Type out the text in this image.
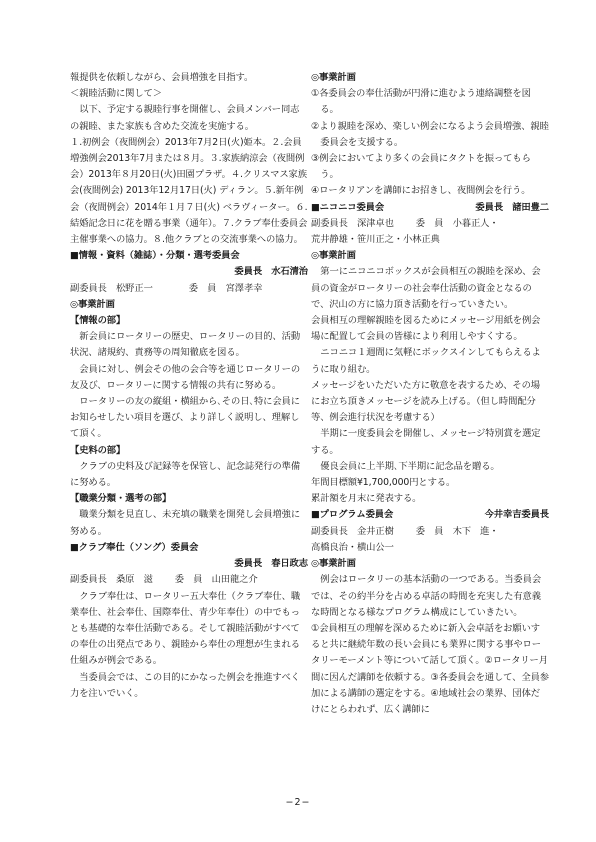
報提供を依頼しながら、会員増強を目指す。

＜親睦活動に関して＞

以下、予定する親睦行事を開催し、会員メンバー同志の親睦、また家族も含めた交流を実施する。

１.初例会（夜間例会）2013年7月2日(火)姫本。２.会員増強例会2013年7月または８月。３.家族納涼会（夜間例会）2013年８月20日(火)田園プラザ。４.クリスマス家族会(夜間例会) 2013年12月17日(火) ディラン。５.新年例会（夜間例会）2014年１月７日(火) ベラヴィーター。６.結婚記念日に花を贈る事業（通年）。７.クラブ奉仕委員会主催事業への協力。８.他クラブとの交流事業への協力。

■情報・資料（雑誌）・分類・選考委員会

委員長　水石清治

副委員長　松野正一	委　員　宮澤孝幸

◎事業計画

【情報の部】

新会員にロータリーの歴史、ロータリーの目的、活動状況、諸規約、責務等の周知徹底を図る。

会員に対し、例会その他の会合等を通じロータリーの友及び、ロータリーに関する情報の共有に努める。

ロータリーの友の縦組・横組から､その日､特に会員にお知らせしたい項目を選び、より詳しく説明し、理解して頂く。

【史料の部】

クラブの史料及び記録等を保管し、記念誌発行の準備に努める。

【職業分類・選考の部】

職業分類を見直し、未充填の職業を開発し会員増強に努める。

■クラブ奉仕（ソング）委員会

委員長　春日政志

副委員長　桑原　滋 委　員　山田龍之介

クラブ奉仕は、ロータリー五大奉仕（クラブ奉仕、職業奉仕、社会奉仕、国際奉仕、青少年奉仕）の中でもっとも基礎的な奉仕活動である。そして親睦活動がすべての奉仕の出発点であり、親睦から奉仕の理想が生まれる仕組みが例会である。

当委員会では、この目的にかなった例会を推進すべく力を注いでいく。

◎事業計画

①各委員会の奉仕活動が円滑に進むよう連絡調整を図る。

②より親睦を深め、楽しい例会になるよう会員増強、親睦委員会を支援する。

③例会においてより多くの会員にタクトを振ってもらう。

④ロータリアンを講師にお招きし、夜間例会を行う。

■ニコニコ委員会	委員長　諸田豊二
副委員長　深津卓也 委　員　小暮正人・

荒井静雄・笹川正之・小林正典

◎事業計画

第一にニコニコボックスが会員相互の親睦を深め、会員の資金がロータリーの社会奉仕活動の資金となるので、沢山の方に協力頂き活動を行っていきたい。

会員相互の理解親睦を図るためにメッセージ用紙を例会場に配置して会員の皆様により利用しやすくする。

ニコニコ１週間に気軽にボックスインしてもらえるように取り組む。

メッセージをいただいた方に敬意を表するため、その場にお立ち頂きメッセージを読み上げる。（但し時間配分等、例会進行状況を考慮する）

半期に一度委員会を開催し、メッセージ特別賞を選定する。

優良会員に上半期､下半期に記念品を贈る。

年間目標額¥1,700,000円とする。

累計額を月末に発表する。

■プログラム委員会	今井幸吉委員長
副委員長　金井正樹 委　員　木下　進・

高橋良治・横山公一

◎事業計画

例会はロータリーの基本活動の一つである。当委員会では、その約半分を占める卓話の時間を充実した有意義な時間となる様なプログラム構成にしていきたい。

①会員相互の理解を深めるために新入会卓話をお願いすると共に継続年数の長い会員にも業界に関する事やロータリーモーメント等について話して頂く。②ロータリー月間に因んだ講師を依頼する。③各委員会を通して、全員参加による講師の選定をする。④地域社会の業界、団体だけにとらわれず、広く講師に

−2−
